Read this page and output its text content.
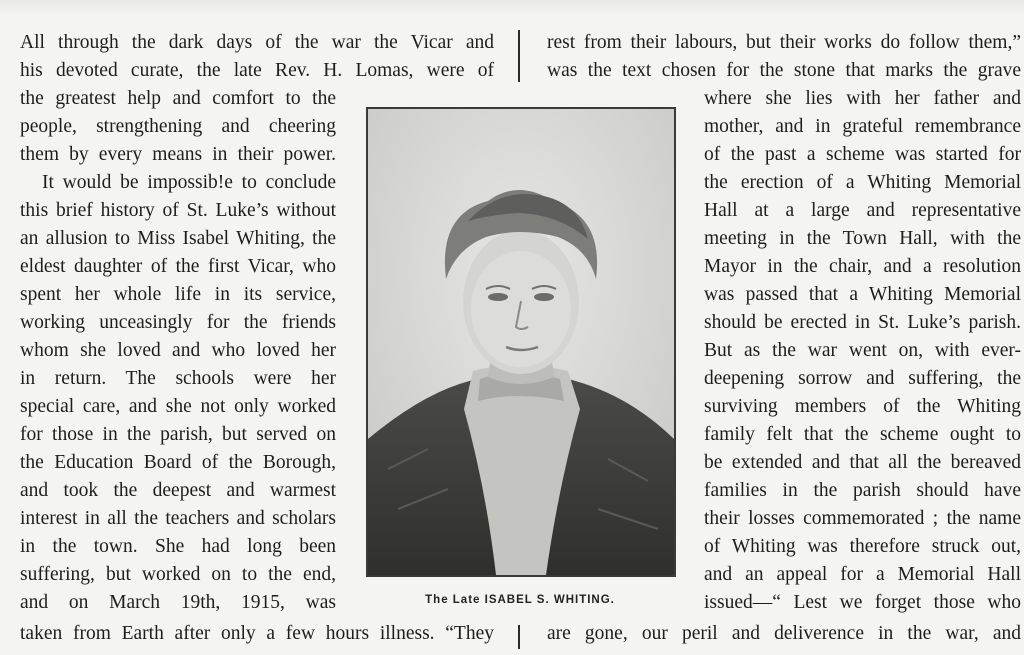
All through the dark days of the war the Vicar and
his devoted curate, the late Rev. H. Lomas, were of
rest from their labours, but their works do follow them,”
was the text chosen for the stone that marks the grave
the greatest help and comfort to the
people, strengthening and cheering
them by every means in their power.
It would be impossib!e to conclude
this brief history of St. Luke’s without
an allusion to Miss Isabel Whiting, the
eldest daughter of the first Vicar, who
spent her whole life in its service,
working unceasingly for the friends
whom she loved and who loved her
in return. The schools were her
special care, and she not only worked
for those in the parish, but served on
the Education Board of the Borough,
and took the deepest and warmest
interest in all the teachers and scholars
in the town. She had long been
suffering, but worked on to the end,
and on March 19th, 1915, was
where she lies with her father and
mother, and in grateful remembrance
of the past a scheme was started for
the erection of a Whiting Memorial
Hall at a large and representative
meeting in the Town Hall, with the
Mayor in the chair, and a resolution
was passed that a Whiting Memorial
should be erected in St. Luke’s parish.
But as the war went on, with ever-
deepening sorrow and suffering, the
surviving members of the Whiting
family felt that the scheme ought to
be extended and that all the bereaved
families in the parish should have
their losses commemorated ; the name
of Whiting was therefore struck out,
and an appeal for a Memorial Hall
issued—“ Lest we forget those who
The Late ISABEL S. WHITING.
taken from Earth after only a few hours illness. “They	are gone, our peril and deliverence in the war, and
